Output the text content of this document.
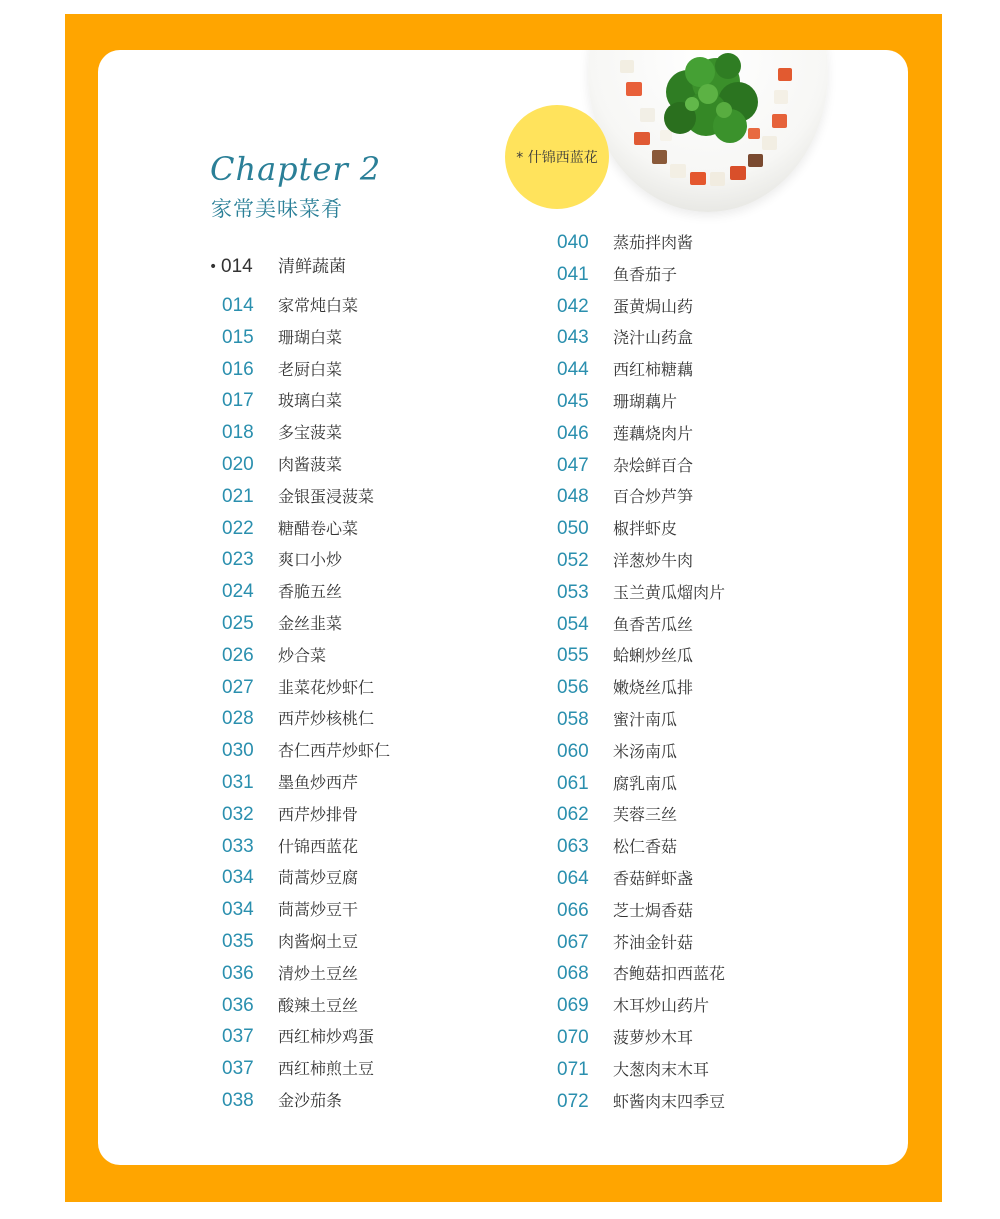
* 什锦西蓝花
Chapter 2
家常美味菜肴
• 014 清鲜蔬菌
014 家常炖白菜
015 珊瑚白菜
016 老厨白菜
017 玻璃白菜
018 多宝菠菜
020 肉酱菠菜
021 金银蛋浸菠菜
022 糖醋卷心菜
023 爽口小炒
024 香脆五丝
025 金丝韭菜
026 炒合菜
027 韭菜花炒虾仁
028 西芹炒核桃仁
030 杏仁西芹炒虾仁
031 墨鱼炒西芹
032 西芹炒排骨
033 什锦西蓝花
034 茼蒿炒豆腐
034 茼蒿炒豆干
035 肉酱焖土豆
036 清炒土豆丝
036 酸辣土豆丝
037 西红柿炒鸡蛋
037 西红柿煎土豆
038 金沙茄条
040 蒸茄拌肉酱
041 鱼香茄子
042 蛋黄焗山药
043 浇汁山药盒
044 西红柿糖藕
045 珊瑚藕片
046 莲藕烧肉片
047 杂烩鲜百合
048 百合炒芦笋
050 椒拌虾皮
052 洋葱炒牛肉
053 玉兰黄瓜熘肉片
054 鱼香苦瓜丝
055 蛤蜊炒丝瓜
056 嫩烧丝瓜排
058 蜜汁南瓜
060 米汤南瓜
061 腐乳南瓜
062 芙蓉三丝
063 松仁香菇
064 香菇鲜虾盏
066 芝士焗香菇
067 芥油金针菇
068 杏鲍菇扣西蓝花
069 木耳炒山药片
070 菠萝炒木耳
071 大葱肉末木耳
072 虾酱肉末四季豆
